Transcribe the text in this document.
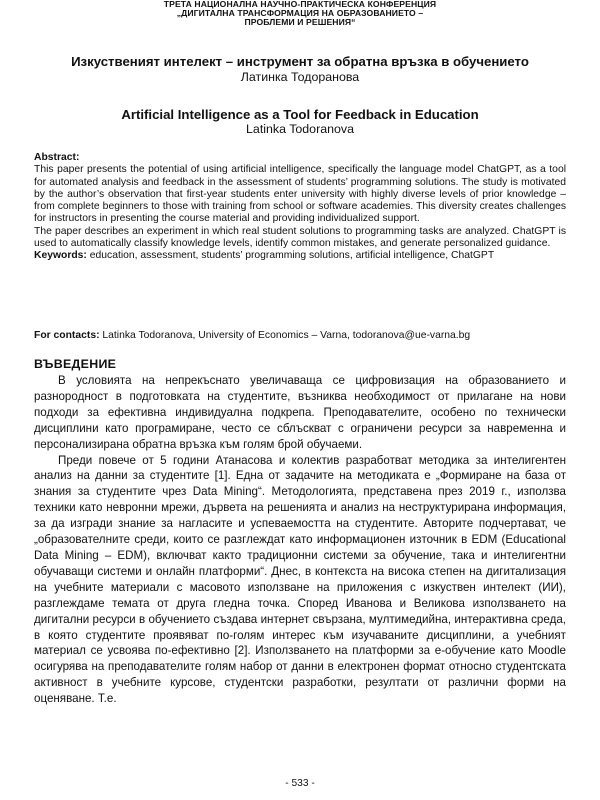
ТРЕТА НАЦИОНАЛНА НАУЧНО-ПРАКТИЧЕСКА КОНФЕРЕНЦИЯ
„ДИГИТАЛНА ТРАНСФОРМАЦИЯ НА ОБРАЗОВАНИЕТО –
ПРОБЛЕМИ И РЕШЕНИЯ“
Изкуственият интелект – инструмент за обратна връзка в обучението
Латинка Тодоранова
Artificial Intelligence as a Tool for Feedback in Education
Latinka Todoranova
Abstract:

This paper presents the potential of using artificial intelligence, specifically the language model ChatGPT, as a tool for automated analysis and feedback in the assessment of students’ programming solutions. The study is motivated by the author’s observation that first-year students enter university with highly diverse levels of prior knowledge – from complete beginners to those with training from school or software academies. This diversity creates challenges for instructors in presenting the course material and providing individualized support.

The paper describes an experiment in which real student solutions to programming tasks are analyzed. ChatGPT is used to automatically classify knowledge levels, identify common mistakes, and generate personalized guidance.

Keywords: education, assessment, students’ programming solutions, artificial intelligence, ChatGPT

For contacts: Latinka Todoranova, University of Economics – Varna, todoranova@ue-varna.bg
ВЪВЕДЕНИЕ

В условията на непрекъснато увеличаваща се цифровизация на образованието и разнородност в подготовката на студентите, възниква необходимост от прилагане на нови подходи за ефективна индивидуална подкрепа. Преподавателите, особено по технически дисциплини като програмиране, често се сблъскват с ограничени ресурси за навременна и персонализирана обратна връзка към голям брой обучаеми.

Преди повече от 5 години Атанасова и колектив разработват методика за интелигентен анализ на данни за студентите [1]. Една от задачите на методиката е „Формиране на база от знания за студентите чрез Data Mining“. Методологията, представена през 2019 г., използва техники като невронни мрежи, дървета на решенията и анализ на неструктурирана информация, за да изгради знание за нагласите и успеваемостта на студентите. Авторите подчертават, че „образователните среди, които се разглеждат като информационен източник в EDM (Educational Data Mining – EDM), включват както традиционни системи за обучение, така и интелигентни обучаващи системи и онлайн платформи“. Днес, в контекста на висока степен на дигитализация на учебните материали с масовото използване на приложения с изкуствен интелект (ИИ), разглеждаме темата от друга гледна точка. Според Иванова и Великова използването на дигитални ресурси в обучението създава интернет свързана, мултимедийна, интерактивна среда, в която студентите проявяват по-голям интерес към изучаваните дисциплини, а учебният материал се усвоява по-ефективно [2]. Използването на платформи за е-обучение като Moodle осигурява на преподавателите голям набор от данни в електронен формат относно студентската активност в учебните курсове, студентски разработки, резултати от различни форми на оценяване. Т.е.

- 533 -
